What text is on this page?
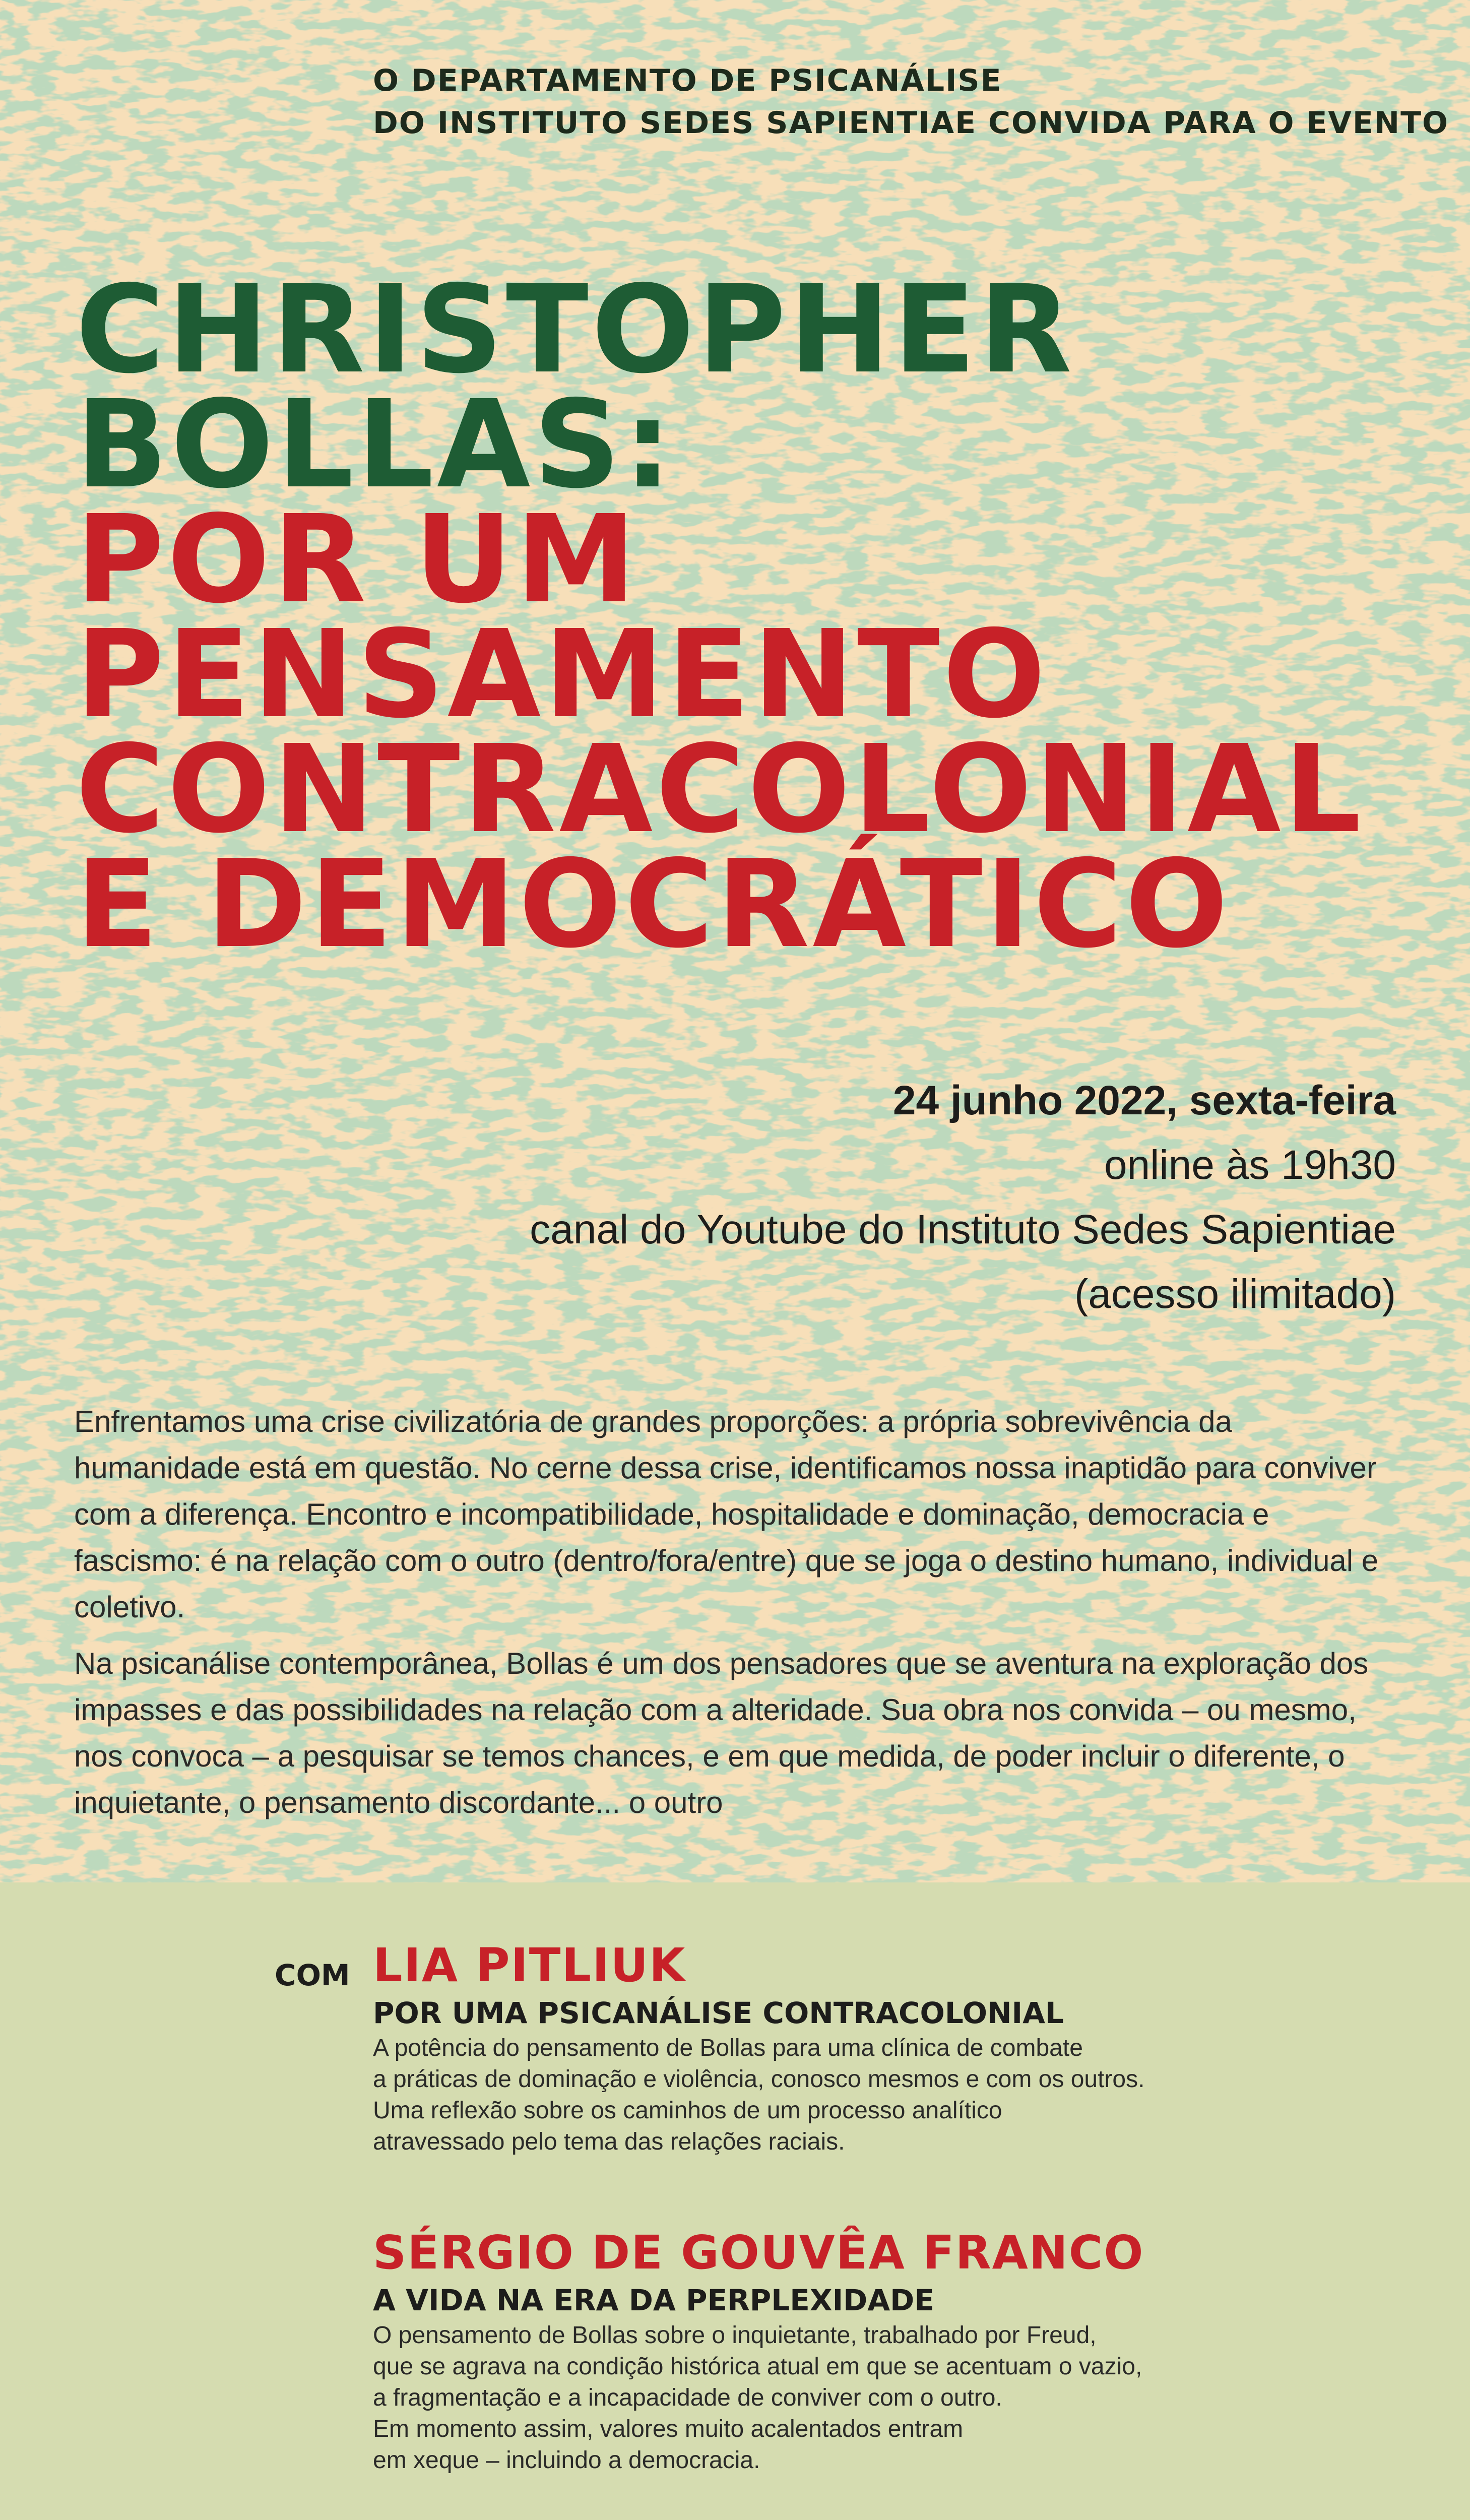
O DEPARTAMENTO DE PSICANÁLISE
DO INSTITUTO SEDES SAPIENTIAE CONVIDA PARA O EVENTO
CHRISTOPHER
BOLLAS:
POR UM
PENSAMENTO
CONTRACOLONIAL
E DEMOCRÁTICO
24 junho 2022, sexta-feira
online às 19h30
canal do Youtube do Instituto Sedes Sapientiae
(acesso ilimitado)

Enfrentamos uma crise civilizatória de grandes proporções: a própria sobrevivência da humanidade está em questão. No cerne dessa crise, identificamos nossa inaptidão para conviver com a diferença. Encontro e incompatibilidade, hospitalidade e dominação, democracia e fascismo: é na relação com o outro (dentro/fora/entre) que se joga o destino humano, individual e coletivo.

Na psicanálise contemporânea, Bollas é um dos pensadores que se aventura na exploração dos impasses e das possibilidades na relação com a alteridade. Sua obra nos convida – ou mesmo, nos convoca – a pesquisar se temos chances, e em que medida, de poder incluir o diferente, o inquietante, o pensamento discordante... o outro

COM LIA PITLIUK
POR UMA PSICANÁLISE CONTRACOLONIAL
A potência do pensamento de Bollas para uma clínica de combate
a práticas de dominação e violência, conosco mesmos e com os outros.
Uma reflexão sobre os caminhos de um processo analítico
atravessado pelo tema das relações raciais.
SÉRGIO DE GOUVÊA FRANCO
A VIDA NA ERA DA PERPLEXIDADE
O pensamento de Bollas sobre o inquietante, trabalhado por Freud,
que se agrava na condição histórica atual em que se acentuam o vazio,
a fragmentação e a incapacidade de conviver com o outro.
Em momento assim, valores muito acalentados entram
em xeque – incluindo a democracia.
